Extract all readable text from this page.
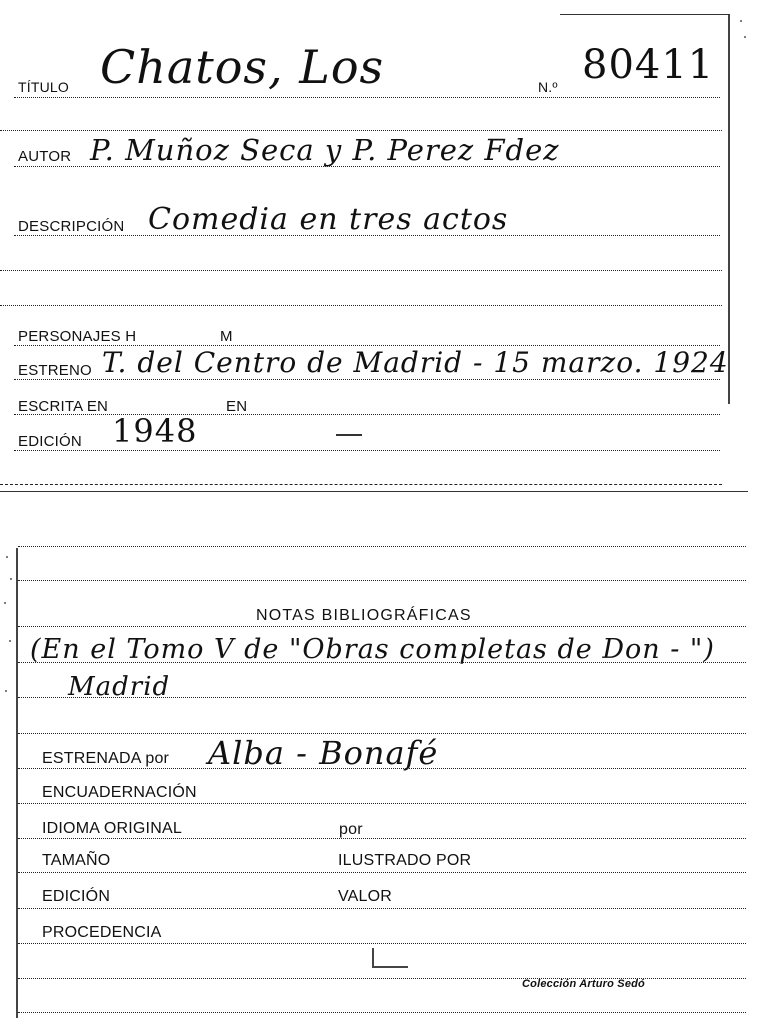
TÍTULO Chatos, Los	N.º 80411
AUTOR P. Muñoz Seca y P. Perez Fdez
DESCRIPCIÓN Comedia en tres actos
PERSONAJES H	M
ESTRENO T. del Centro de Madrid - 15 marzo. 1924
ESCRITA EN	EN
EDICIÓN 1948
NOTAS BIBLIOGRÁFICAS
(En el Tomo V de "Obras completas de Don - ")
Madrid
ESTRENADA por Alba - Bonafé
ENCUADERNACIÓN
IDIOMA ORIGINAL	por
TAMAÑO	ILUSTRADO POR
EDICIÓN	VALOR
PROCEDENCIA
Colección Arturo Sedó
